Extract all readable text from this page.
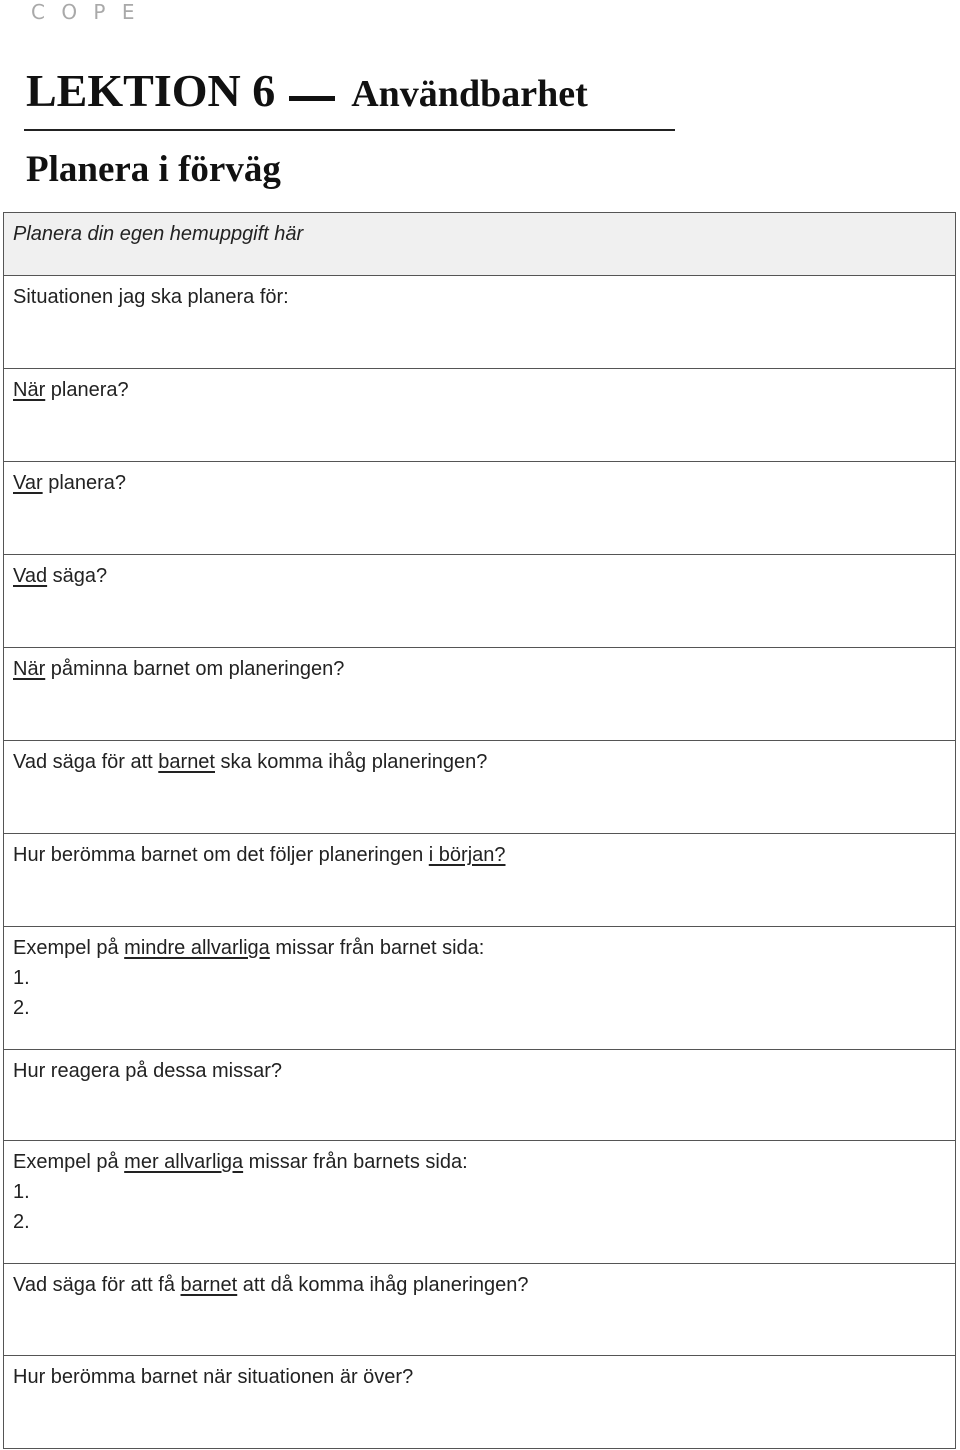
C O P E
LEKTION 6 Användbarhet
Planera i förväg
Planera din egen hemuppgift här
Situationen jag ska planera för:
När planera?
Var planera?
Vad säga?
När påminna barnet om planeringen?
Vad säga för att barnet ska komma ihåg planeringen?
Hur berömma barnet om det följer planeringen i början?
Exempel på mindre allvarliga missar från barnet sida:
1.
2.
Hur reagera på dessa missar?
Exempel på mer allvarliga missar från barnets sida:
1.
2.
Vad säga för att få barnet att då komma ihåg planeringen?
Hur berömma barnet när situationen är över?
